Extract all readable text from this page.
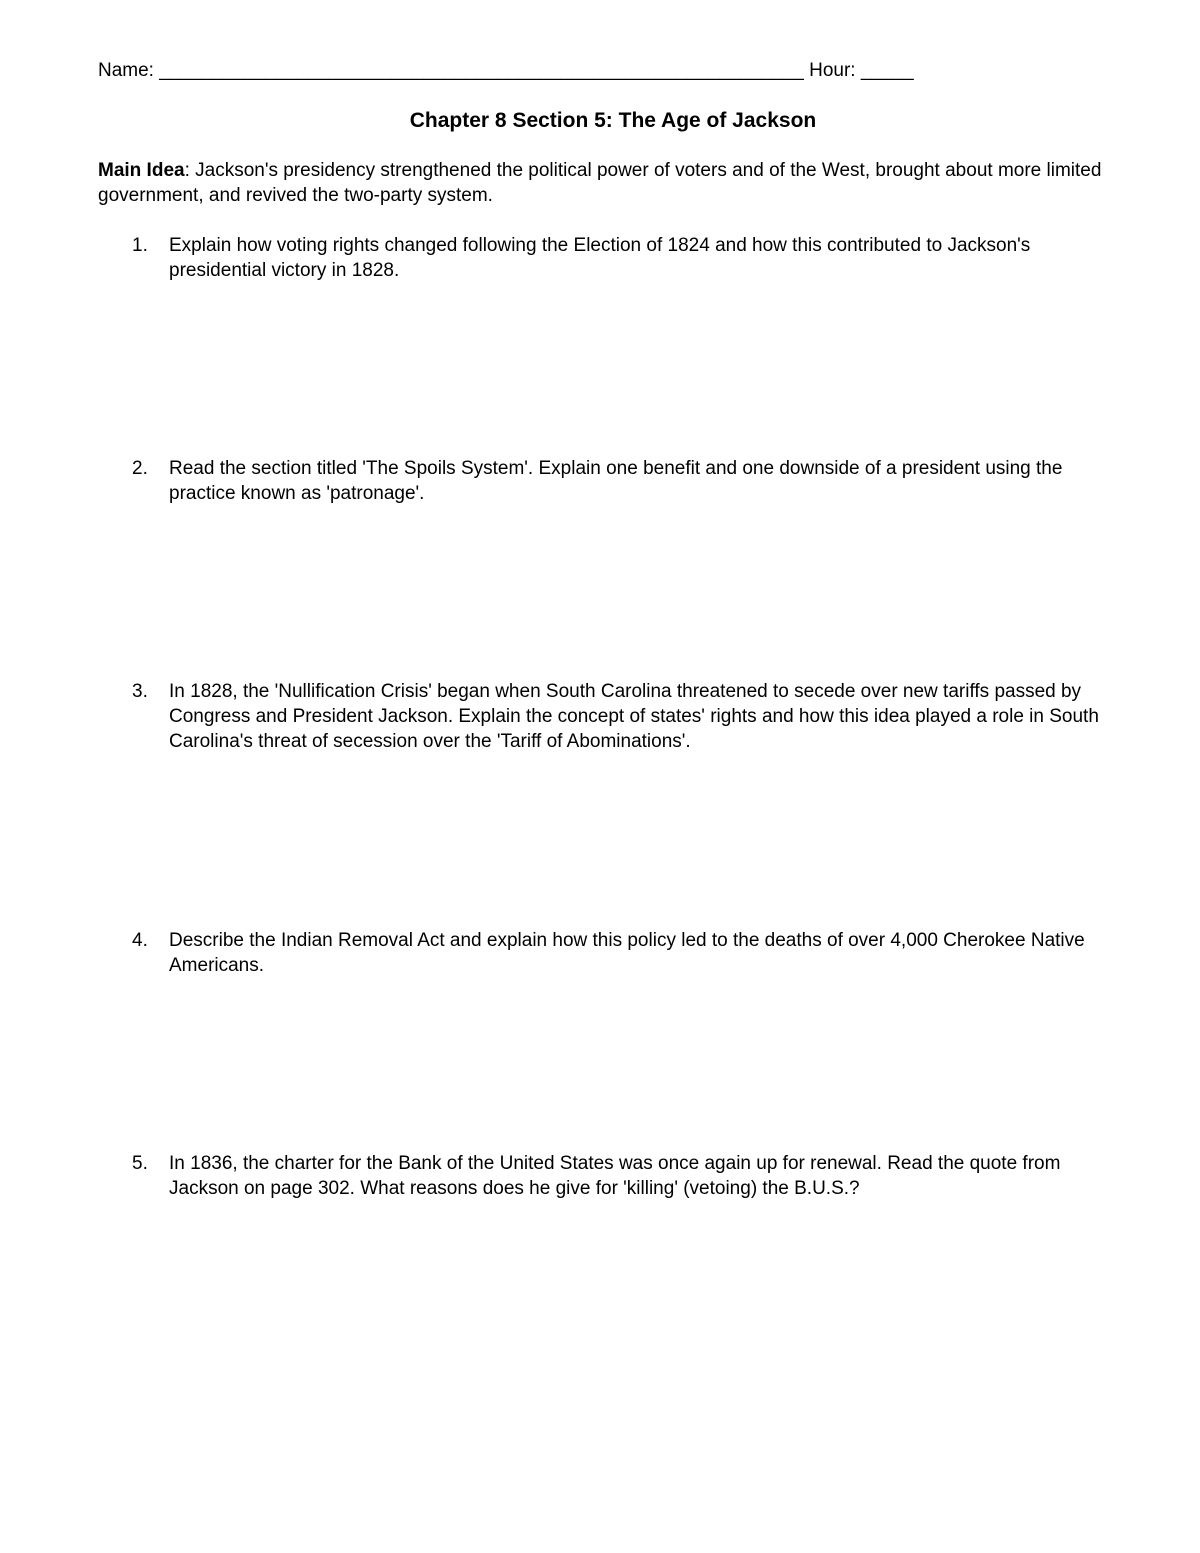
Name: _____________________________________________________________ Hour: _____
Chapter 8 Section 5: The Age of Jackson
Main Idea: Jackson's presidency strengthened the political power of voters and of the West, brought about more limited government, and revived the two-party system.
1.	Explain how voting rights changed following the Election of 1824 and how this contributed to Jackson's presidential victory in 1828.
2.	Read the section titled 'The Spoils System'. Explain one benefit and one downside of a president using the practice known as 'patronage'.
3.	In 1828, the 'Nullification Crisis' began when South Carolina threatened to secede over new tariffs passed by Congress and President Jackson. Explain the concept of states' rights and how this idea played a role in South Carolina's threat of secession over the 'Tariff of Abominations'.
4.	Describe the Indian Removal Act and explain how this policy led to the deaths of over 4,000 Cherokee Native Americans.
5.	In 1836, the charter for the Bank of the United States was once again up for renewal. Read the quote from Jackson on page 302. What reasons does he give for 'killing' (vetoing) the B.U.S.?
